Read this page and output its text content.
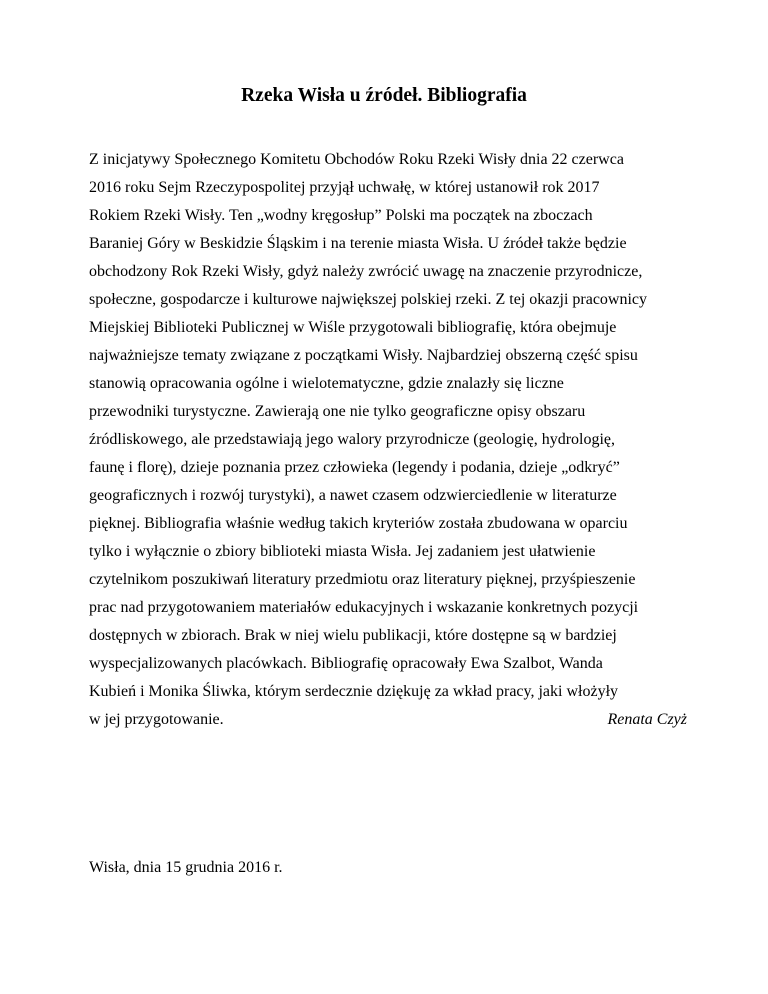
Rzeka Wisła u źródeł. Bibliografia
Z inicjatywy Społecznego Komitetu Obchodów Roku Rzeki Wisły dnia 22 czerwca
2016 roku Sejm Rzeczypospolitej przyjął uchwałę, w której ustanowił rok 2017
Rokiem Rzeki Wisły. Ten „wodny kręgosłup” Polski ma początek na zboczach
Baraniej Góry w Beskidzie Śląskim i na terenie miasta Wisła. U źródeł także będzie
obchodzony Rok Rzeki Wisły, gdyż należy zwrócić uwagę na znaczenie przyrodnicze,
społeczne, gospodarcze i kulturowe największej polskiej rzeki. Z tej okazji pracownicy
Miejskiej Biblioteki Publicznej w Wiśle przygotowali bibliografię, która obejmuje
najważniejsze tematy związane z początkami Wisły. Najbardziej obszerną część spisu
stanowią opracowania ogólne i wielotematyczne, gdzie znalazły się liczne
przewodniki turystyczne. Zawierają one nie tylko geograficzne opisy obszaru
źródliskowego, ale przedstawiają jego walory przyrodnicze (geologię, hydrologię,
faunę i florę), dzieje poznania przez człowieka (legendy i podania, dzieje „odkryć”
geograficznych i rozwój turystyki), a nawet czasem odzwierciedlenie w literaturze
pięknej. Bibliografia właśnie według takich kryteriów została zbudowana w oparciu
tylko i wyłącznie o zbiory biblioteki miasta Wisła. Jej zadaniem jest ułatwienie
czytelnikom poszukiwań literatury przedmiotu oraz literatury pięknej, przyśpieszenie
prac nad przygotowaniem materiałów edukacyjnych i wskazanie konkretnych pozycji
dostępnych w zbiorach. Brak w niej wielu publikacji, które dostępne są w bardziej
wyspecjalizowanych placówkach. Bibliografię opracowały Ewa Szalbot, Wanda
Kubień i Monika Śliwka, którym serdecznie dziękuję za wkład pracy, jaki włożyły
w jej przygotowanie.	Renata Czyż
Wisła, dnia 15 grudnia 2016 r.
